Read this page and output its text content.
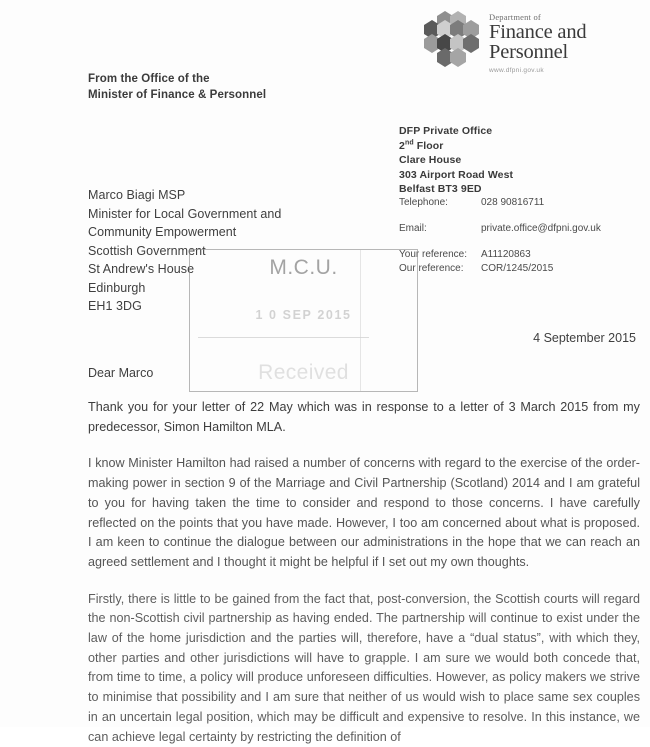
Department of
Finance and
Personnel
www.dfpni.gov.uk
From the Office of the
Minister of Finance & Personnel
DFP Private Office
2nd Floor
Clare House
303 Airport Road West
Belfast BT3 9ED
Telephone:	028 90816711
Email:	private.office@dfpni.gov.uk
Your reference:	A11120863
Our reference:	COR/1245/2015
Marco Biagi MSP
Minister for Local Government and
Community Empowerment
Scottish Government
St Andrew's House
Edinburgh
EH1 3DG
M.C.U.
1 0 SEP 2015
Received
4 September 2015
Dear Marco

Thank you for your letter of 22 May which was in response to a letter of 3 March 2015 from my predecessor, Simon Hamilton MLA.

I know Minister Hamilton had raised a number of concerns with regard to the exercise of the order-making power in section 9 of the Marriage and Civil Partnership (Scotland) 2014 and I am grateful to you for having taken the time to consider and respond to those concerns. I have carefully reflected on the points that you have made. However, I too am concerned about what is proposed. I am keen to continue the dialogue between our administrations in the hope that we can reach an agreed settlement and I thought it might be helpful if I set out my own thoughts.

Firstly, there is little to be gained from the fact that, post-conversion, the Scottish courts will regard the non-Scottish civil partnership as having ended. The partnership will continue to exist under the law of the home jurisdiction and the parties will, therefore, have a “dual status”, with which they, other parties and other jurisdictions will have to grapple. I am sure we would both concede that, from time to time, a policy will produce unforeseen difficulties. However, as policy makers we strive to minimise that possibility and I am sure that neither of us would wish to place same sex couples in an uncertain legal position, which may be difficult and expensive to resolve. In this instance, we can achieve legal certainty by restricting the definition of
